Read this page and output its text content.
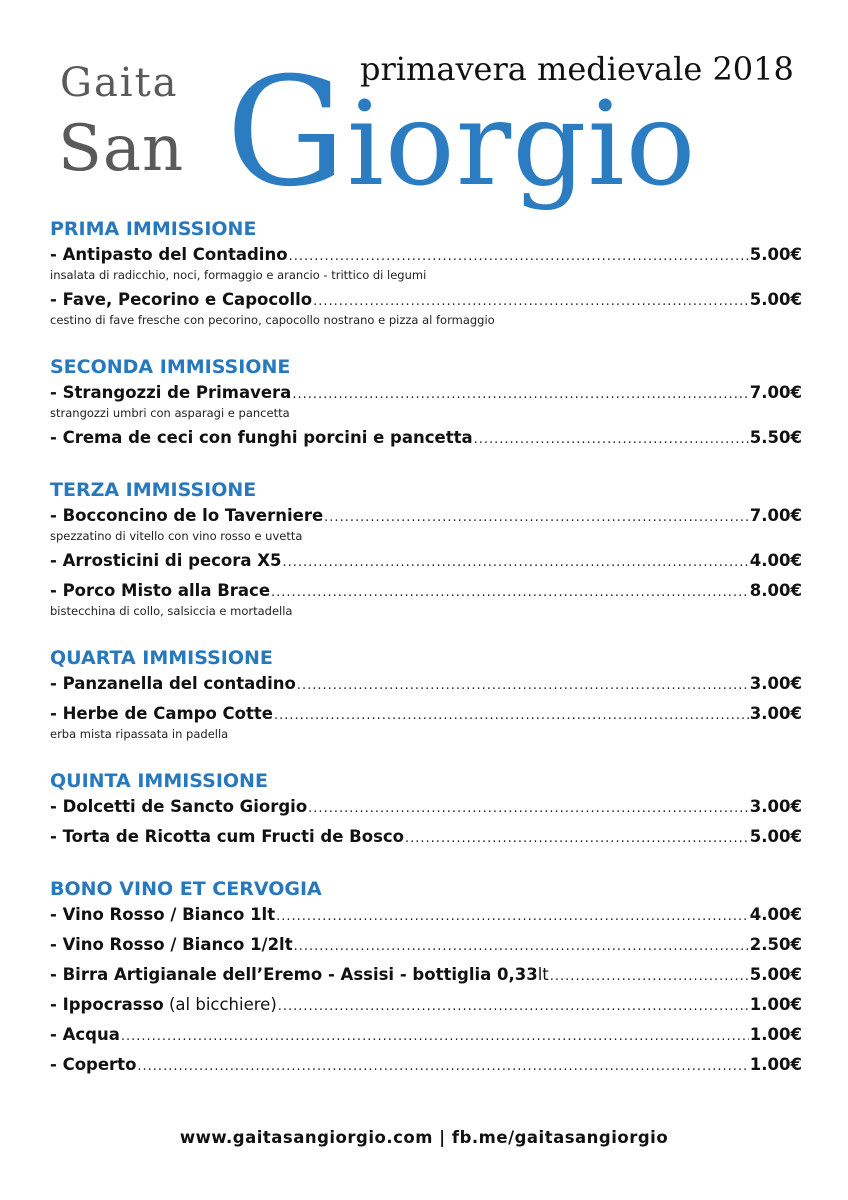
primavera medievale 2018
Gaita
San Giorgio
PRIMA IMMISSIONE
- Antipasto del Contadino .....	5.00€
insalata di radicchio, noci, formaggio e arancio - trittico di legumi
- Fave, Pecorino e Capocollo .....	5.00€
cestino di fave fresche con pecorino, capocollo nostrano e pizza al formaggio
SECONDA IMMISSIONE
- Strangozzi de Primavera .....	7.00€
strangozzi umbri con asparagi e pancetta
- Crema de ceci con funghi porcini e pancetta .....	5.50€
TERZA IMMISSIONE
- Bocconcino de lo Taverniere .....	7.00€
spezzatino di vitello con vino rosso e uvetta
- Arrosticini di pecora X5 .....	4.00€
- Porco Misto alla Brace .....	8.00€
bistecchina di collo, salsiccia e mortadella
QUARTA IMMISSIONE
- Panzanella del contadino .....	3.00€
- Herbe de Campo Cotte .....	3.00€
erba mista ripassata in padella
QUINTA IMMISSIONE
- Dolcetti de Sancto Giorgio .....	3.00€
- Torta de Ricotta cum Fructi de Bosco .....	5.00€
BONO VINO ET CERVOGIA
- Vino Rosso / Bianco 1lt .....	4.00€
- Vino Rosso / Bianco 1/2lt .....	2.50€
- Birra Artigianale dell’Eremo - Assisi - bottiglia 0,33lt .....	5.00€
- Ippocrasso (al bicchiere) .....	1.00€
- Acqua .....	1.00€
- Coperto .....	1.00€
www.gaitasangiorgio.com | fb.me/gaitasangiorgio
